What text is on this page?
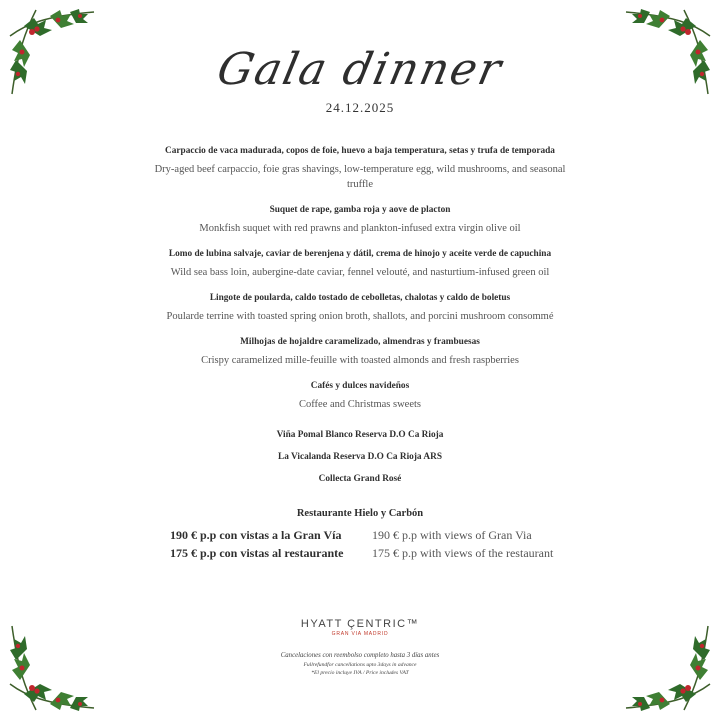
Gala dinner
24.12.2025
Carpaccio de vaca madurada, copos de foie, huevo a baja temperatura, setas y trufa de temporada
Dry-aged beef carpaccio, foie gras shavings, low-temperature egg, wild mushrooms, and seasonal truffle
Suquet de rape, gamba roja y aove de placton
Monkfish suquet with red prawns and plankton-infused extra virgin olive oil
Lomo de lubina salvaje, caviar de berenjena y dátil, crema de hinojo y aceite verde de capuchina
Wild sea bass loin, aubergine-date caviar, fennel velouté, and nasturtium-infused green oil
Lingote de poularda, caldo tostado de cebolletas, chalotas y caldo de boletus
Poularde terrine with toasted spring onion broth, shallots, and porcini mushroom consommé
Milhojas de hojaldre caramelizado, almendras y frambuesas
Crispy caramelized mille-feuille with toasted almonds and fresh raspberries
Cafés y dulces navideños
Coffee and Christmas sweets
Viña Pomal Blanco Reserva D.O Ca Rioja
La Vicalanda Reserva D.O Ca Rioja ARS
Collecta Grand Rosé
Restaurante Hielo y Carbón
190 € p.p con vistas a la Gran Vía	190 € p.p with views of Gran Via
175 € p.p con vistas al restaurante	175 € p.p with views of the restaurant
HYATT ÇENTRIC™
GRAN VIA MADRID
Cancelaciones con reembolso completo hasta 3 días antes
Fullrefundfor cancellations upto 3days in advance
*El precio incluye IVA / Price includes VAT
